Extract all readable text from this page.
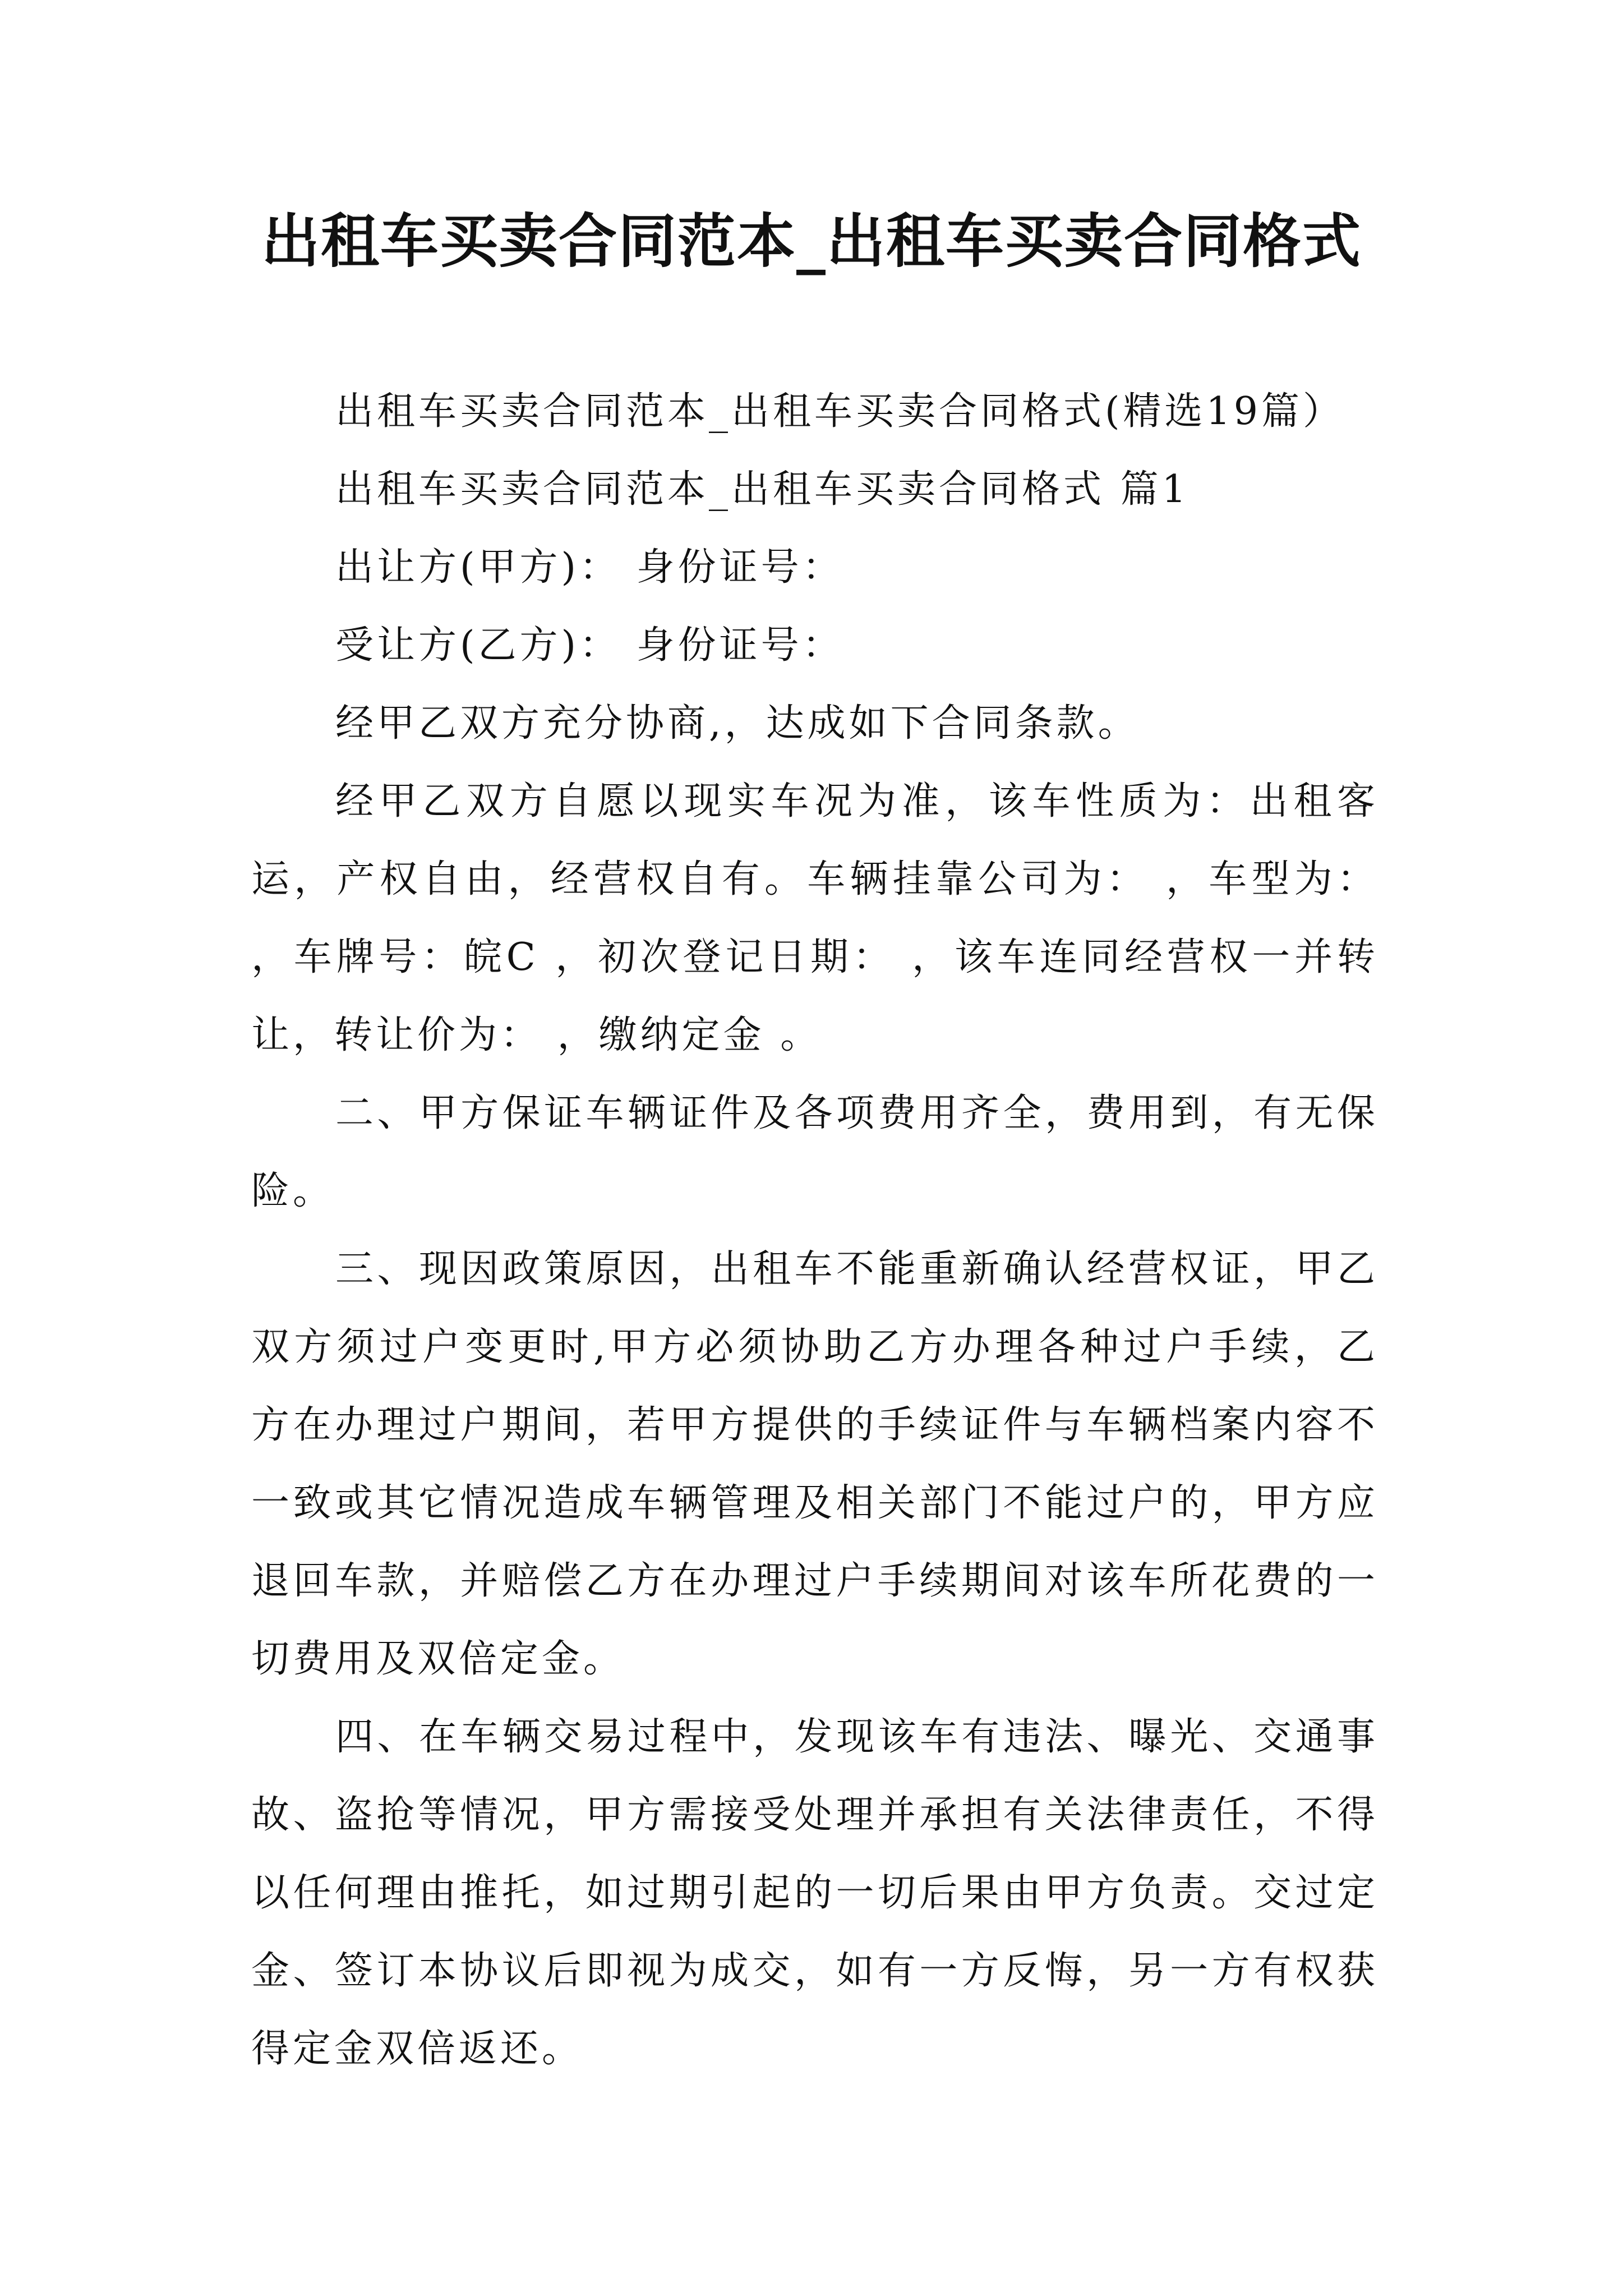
出租车买卖合同范本_出租车买卖合同格式

出租车买卖合同范本_出租车买卖合同格式(精选19篇）

出租车买卖合同范本_出租车买卖合同格式 篇1

出让方(甲方)： 身份证号：

受让方(乙方)： 身份证号：

经甲乙双方充分协商,，达成如下合同条款。

经甲乙双方自愿以现实车况为准，该车性质为：出租客运，产权自由，经营权自有。车辆挂靠公司为： ，车型为： ，车牌号：皖C ，初次登记日期： ，该车连同经营权一并转让，转让价为： ，缴纳定金 。

二、甲方保证车辆证件及各项费用齐全，费用到，有无保险。

三、现因政策原因，出租车不能重新确认经营权证，甲乙双方须过户变更时,甲方必须协助乙方办理各种过户手续，乙方在办理过户期间，若甲方提供的手续证件与车辆档案内容不一致或其它情况造成车辆管理及相关部门不能过户的，甲方应退回车款，并赔偿乙方在办理过户手续期间对该车所花费的一切费用及双倍定金。

四、在车辆交易过程中，发现该车有违法、曝光、交通事故、盗抢等情况，甲方需接受处理并承担有关法律责任，不得以任何理由推托，如过期引起的一切后果由甲方负责。交过定金、签订本协议后即视为成交，如有一方反悔，另一方有权获得定金双倍返还。
